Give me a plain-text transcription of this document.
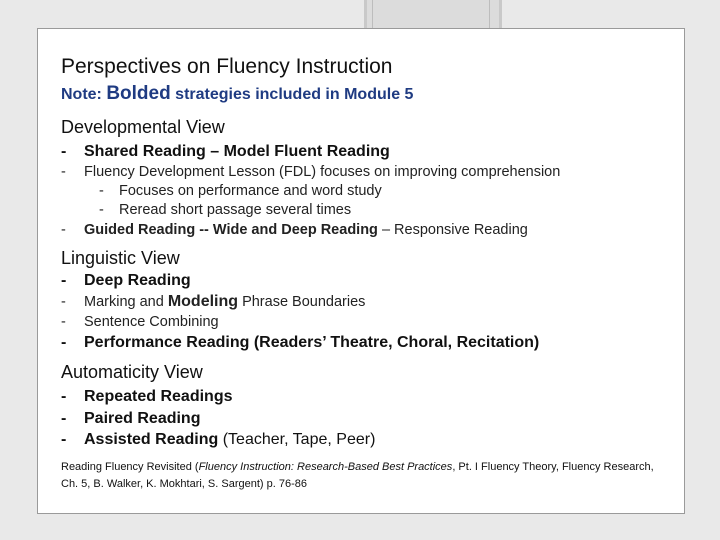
Perspectives on Fluency Instruction
Note: Bolded strategies included in Module 5
Developmental View
- Shared Reading – Model Fluent Reading
- Fluency Development Lesson (FDL) focuses on improving comprehension
- Focuses on performance and word study
- Reread short passage several times
- Guided Reading -- Wide and Deep Reading – Responsive Reading
Linguistic View
- Deep Reading
- Marking and Modeling Phrase Boundaries
- Sentence Combining
- Performance Reading (Readers’ Theatre, Choral, Recitation)
Automaticity View
- Repeated Readings
- Paired Reading
- Assisted Reading (Teacher, Tape, Peer)
Reading Fluency Revisited (Fluency Instruction: Research-Based Best Practices, Pt. I Fluency Theory, Fluency Research, Ch. 5, B. Walker, K. Mokhtari, S. Sargent) p. 76-86
